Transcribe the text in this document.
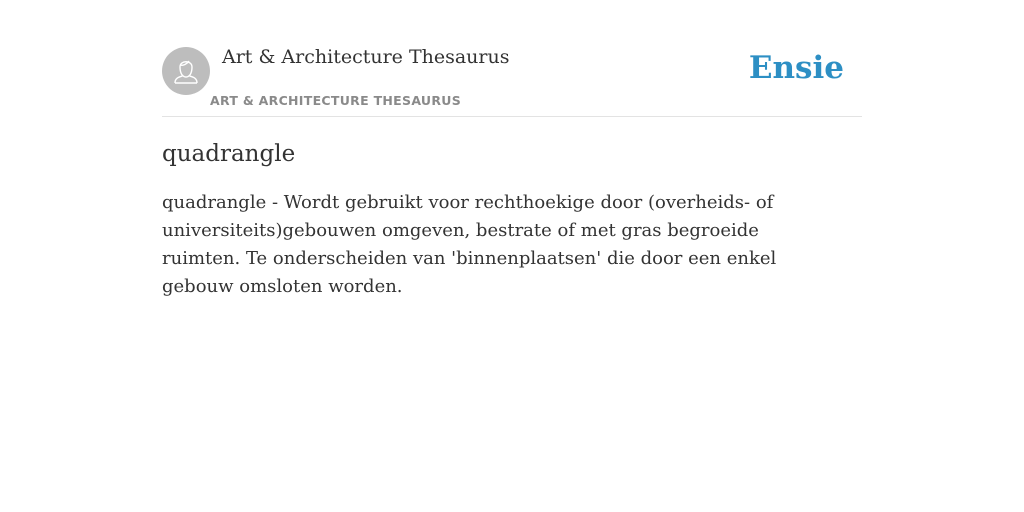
Art & Architecture Thesaurus
ART & ARCHITECTURE THESAURUS
Ensie
quadrangle

quadrangle - Wordt gebruikt voor rechthoekige door (overheids- of universiteits)gebouwen omgeven, bestrate of met gras begroeide ruimten. Te onderscheiden van 'binnenplaatsen' die door een enkel gebouw omsloten worden.
